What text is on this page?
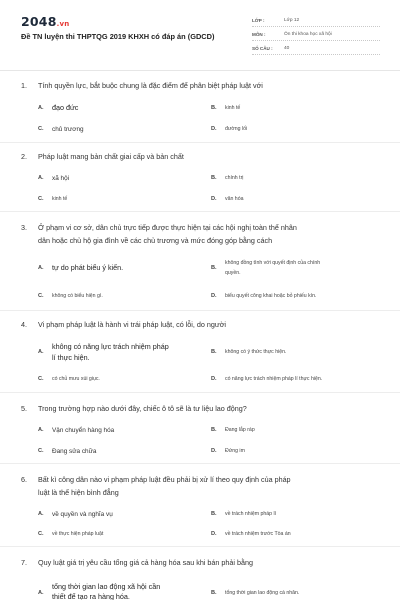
2048.vn
Đề TN luyện thi THPTQG 2019 KHXH có đáp án (GDCD)
LỚP :	Lớp 12
MÔN :	Ôn thi khoa học xã hội
SỐ CÂU :	40
1.	Tính quyền lực, bắt buộc chung là đặc điểm để phân biệt pháp luật với
A. đạo đức	B. kinh tế
C. chủ trương	D. đường lối
2.	Pháp luật mang bản chất giai cấp và bản chất
A. xã hội	B. chính trị
C. kinh tế	D. văn hóa
3.	Ở phạm vi cơ sở, dân chủ trực tiếp được thực hiện tại các hội nghị toàn thể nhân
dân hoặc chủ hộ gia đình về các chủ trương và mức đóng góp bằng cách
A. tự do phát biểu ý kiến.	B.
không đồng tình với quyết định của chính
quyền.
C. không có biểu hiện gì.	D. biểu quyết công khai hoặc bỏ phiếu kín.
4.	Vi phạm pháp luật là hành vi trái pháp luật, có lỗi, do người
A.
không có năng lực trách nhiệm pháp
lí thực hiện.
B. không có ý thức thực hiện.
C. có chủ mưu xúi giục.	D. có năng lực trách nhiệm pháp lí thực hiện.
5.	Trong trường hợp nào dưới đây, chiếc ô tô sẽ là tư liệu lao động?
A. Vận chuyển hàng hóa	B. Đang lắp ráp
C. Đang sửa chữa	D. Đứng im
6.	Bất kì công dân nào vi phạm pháp luật đều phải bị xử lí theo quy định của pháp
luật là thể hiện bình đẳng
A. về quyền và nghĩa vụ	B. về trách nhiệm pháp lí
C. về thực hiện pháp luật	D. về trách nhiệm trước Tòa án
7.	Quy luật giá trị yêu cầu tổng giá cả hàng hóa sau khi bán phải bằng
A.
tổng thời gian lao động xã hội cần
thiết để tạo ra hàng hóa.	B. tổng thời gian lao động cá nhân.
